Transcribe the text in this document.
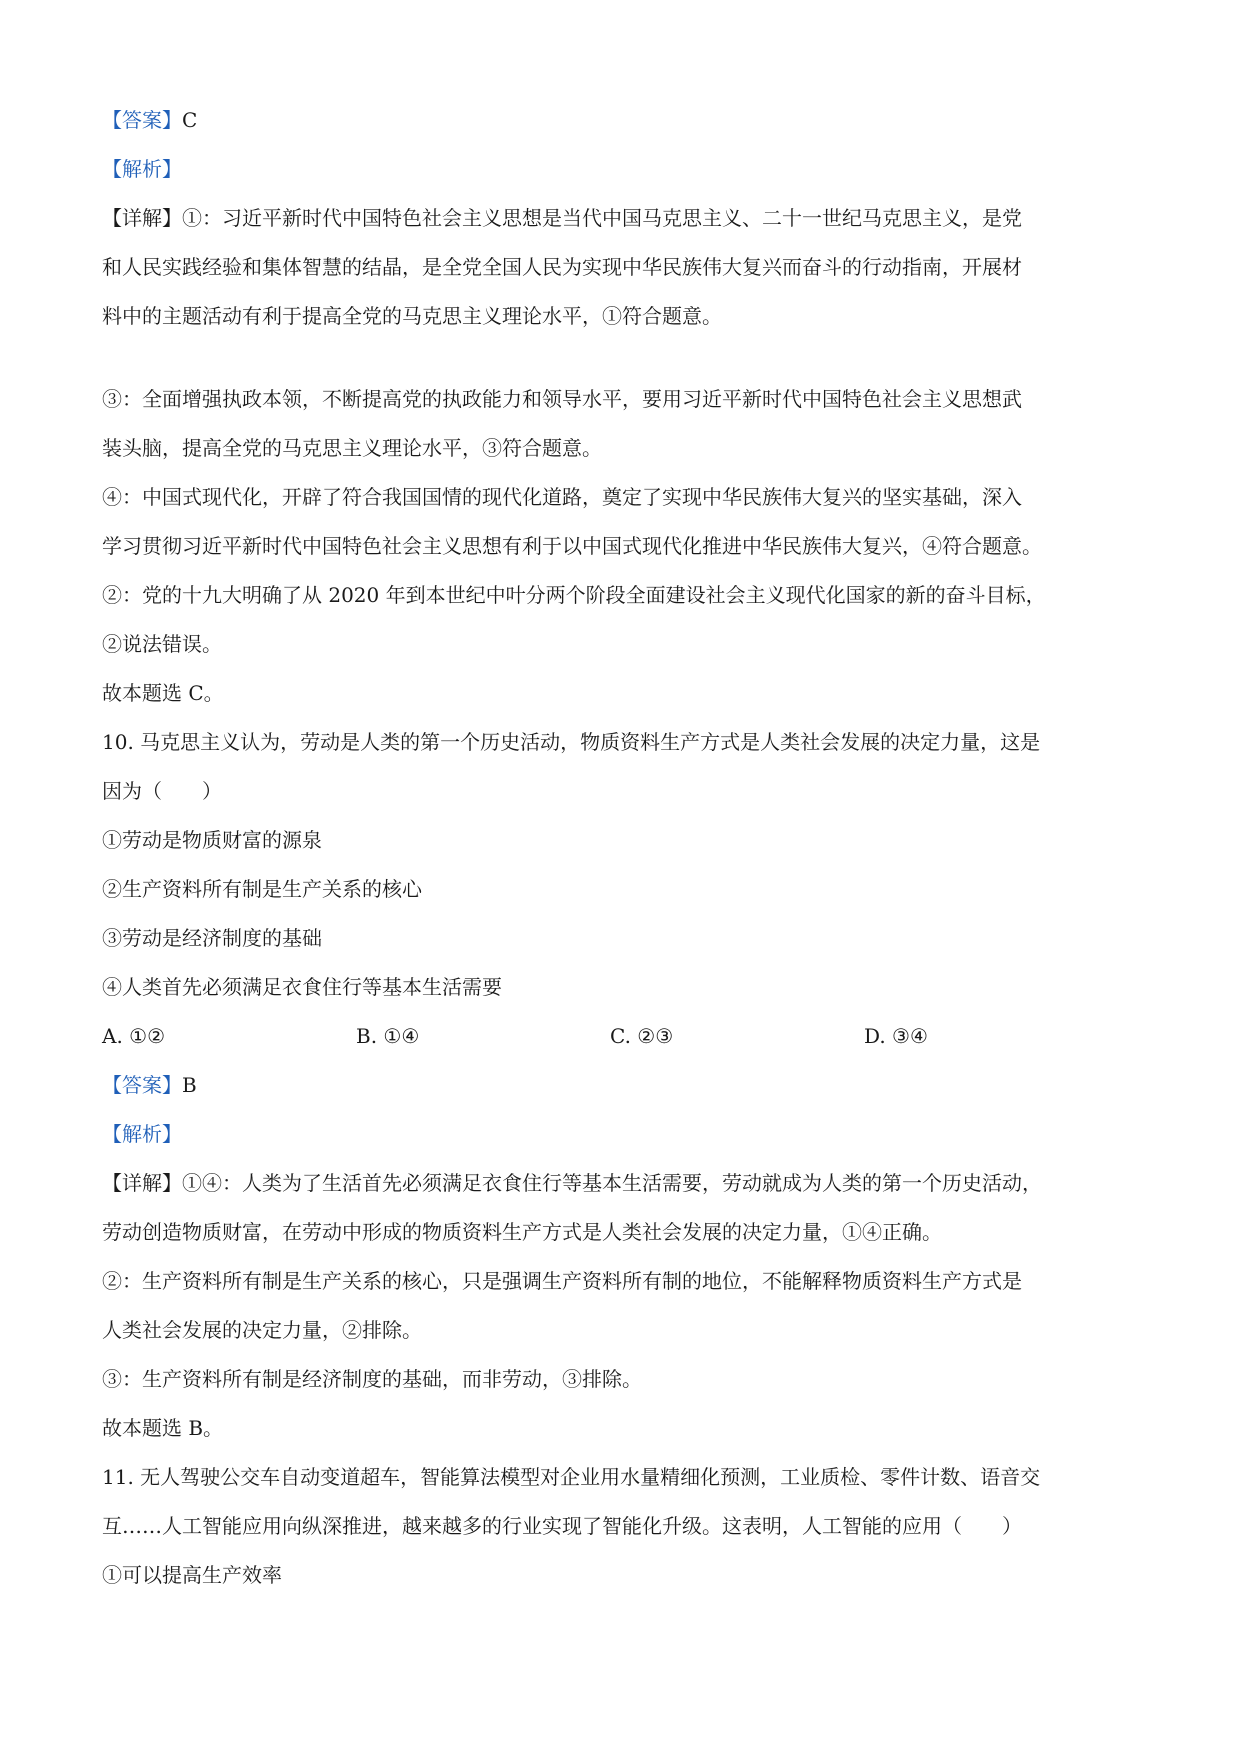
【答案】C
【解析】
【详解】①：习近平新时代中国特色社会主义思想是当代中国马克思主义、二十一世纪马克思主义，是党
和人民实践经验和集体智慧的结晶，是全党全国人民为实现中华民族伟大复兴而奋斗的行动指南，开展材
料中的主题活动有利于提高全党的马克思主义理论水平，①符合题意。
③：全面增强执政本领，不断提高党的执政能力和领导水平，要用习近平新时代中国特色社会主义思想武
装头脑，提高全党的马克思主义理论水平，③符合题意。
④：中国式现代化，开辟了符合我国国情的现代化道路，奠定了实现中华民族伟大复兴的坚实基础，深入
学习贯彻习近平新时代中国特色社会主义思想有利于以中国式现代化推进中华民族伟大复兴，④符合题意。
②：党的十九大明确了从 2020 年到本世纪中叶分两个阶段全面建设社会主义现代化国家的新的奋斗目标，
②说法错误。
故本题选 C。
10. 马克思主义认为，劳动是人类的第一个历史活动，物质资料生产方式是人类社会发展的决定力量，这是
因为（　　）
①劳动是物质财富的源泉
②生产资料所有制是生产关系的核心
③劳动是经济制度的基础
④人类首先必须满足衣食住行等基本生活需要
A. ①②	B. ①④	C. ②③	D. ③④
【答案】B
【解析】
【详解】①④：人类为了生活首先必须满足衣食住行等基本生活需要，劳动就成为人类的第一个历史活动，
劳动创造物质财富，在劳动中形成的物质资料生产方式是人类社会发展的决定力量，①④正确。
②：生产资料所有制是生产关系的核心，只是强调生产资料所有制的地位，不能解释物质资料生产方式是
人类社会发展的决定力量，②排除。
③：生产资料所有制是经济制度的基础，而非劳动，③排除。
故本题选 B。
11. 无人驾驶公交车自动变道超车，智能算法模型对企业用水量精细化预测，工业质检、零件计数、语音交
互……人工智能应用向纵深推进，越来越多的行业实现了智能化升级。这表明，人工智能的应用（　　）
①可以提高生产效率
